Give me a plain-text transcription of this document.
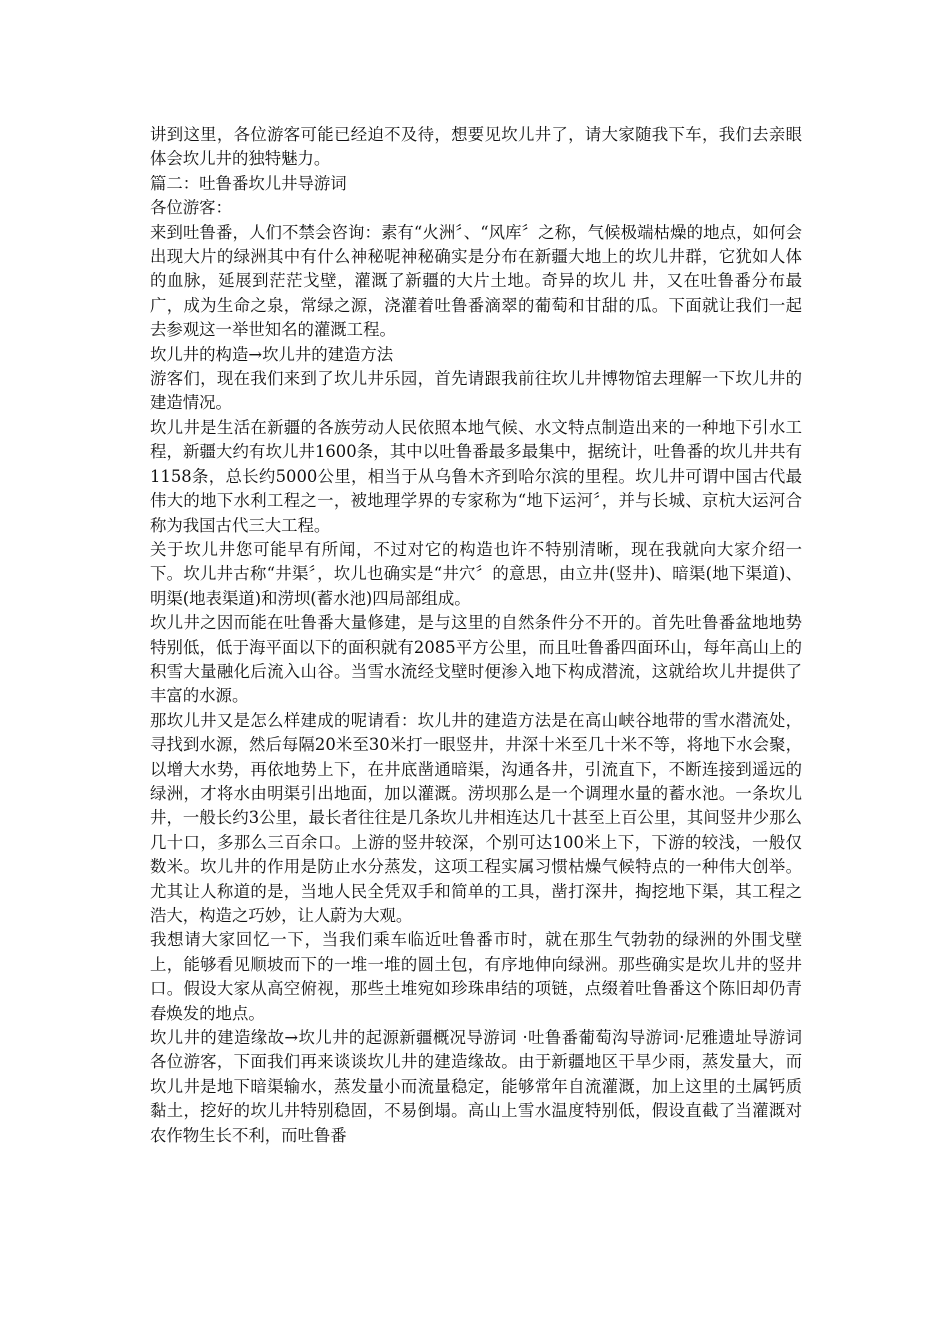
讲到这里，各位游客可能已经迫不及待，想要见坎儿井了，请大家随我下车，我们去亲眼体会坎儿井的独特魅力。

篇二：吐鲁番坎儿井导游词

各位游客：

来到吐鲁番，人们不禁会咨询：素有“火洲〞、“风库〞之称，气候极端枯燥的地点，如何会出现大片的绿洲其中有什么神秘呢神秘确实是分布在新疆大地上的坎儿井群，它犹如人体的血脉，延展到茫茫戈壁，灌溉了新疆的大片土地。奇异的坎儿 井，又在吐鲁番分布最广，成为生命之泉，常绿之源，浇灌着吐鲁番滴翠的葡萄和甘甜的瓜。下面就让我们一起去参观这一举世知名的灌溉工程。

坎儿井的构造→坎儿井的建造方法

游客们，现在我们来到了坎儿井乐园，首先请跟我前往坎儿井博物馆去理解一下坎儿井的建造情况。

坎儿井是生活在新疆的各族劳动人民依照本地气候、水文特点制造出来的一种地下引水工程，新疆大约有坎儿井1600条，其中以吐鲁番最多最集中，据统计，吐鲁番的坎儿井共有1158条，总长约5000公里，相当于从乌鲁木齐到哈尔滨的里程。坎儿井可谓中国古代最伟大的地下水利工程之一，被地理学界的专家称为“地下运河〞，并与长城、京杭大运河合称为我国古代三大工程。

关于坎儿井您可能早有所闻，不过对它的构造也许不特别清晰，现在我就向大家介绍一下。坎儿井古称“井渠〞，坎儿也确实是“井穴〞的意思，由立井(竖井)、暗渠(地下渠道)、明渠(地表渠道)和涝坝(蓄水池)四局部组成。

坎儿井之因而能在吐鲁番大量修建，是与这里的自然条件分不开的。首先吐鲁番盆地地势特别低，低于海平面以下的面积就有2085平方公里，而且吐鲁番四面环山，每年高山上的积雪大量融化后流入山谷。当雪水流经戈壁时便渗入地下构成潜流，这就给坎儿井提供了丰富的水源。

那坎儿井又是怎么样建成的呢请看：坎儿井的建造方法是在高山峡谷地带的雪水潜流处，寻找到水源，然后每隔20米至30米打一眼竖井，井深十米至几十米不等，将地下水会聚，以增大水势，再依地势上下，在井底凿通暗渠，沟通各井，引流直下，不断连接到遥远的绿洲，才将水由明渠引出地面，加以灌溉。涝坝那么是一个调理水量的蓄水池。一条坎儿井，一般长约3公里，最长者往往是几条坎儿井相连达几十甚至上百公里，其间竖井少那么几十口，多那么三百余口。上游的竖井较深，个别可达100米上下，下游的较浅，一般仅数米。坎儿井的作用是防止水分蒸发，这项工程实属习惯枯燥气候特点的一种伟大创举。尤其让人称道的是，当地人民全凭双手和简单的工具，凿打深井，掏挖地下渠，其工程之浩大，构造之巧妙，让人蔚为大观。

我想请大家回忆一下，当我们乘车临近吐鲁番市时，就在那生气勃勃的绿洲的外围戈壁上，能够看见顺坡而下的一堆一堆的圆土包，有序地伸向绿洲。那些确实是坎儿井的竖井口。假设大家从高空俯视，那些土堆宛如珍珠串结的项链，点缀着吐鲁番这个陈旧却仍青春焕发的地点。

坎儿井的建造缘故→坎儿井的起源新疆概况导游词 ·吐鲁番葡萄沟导游词·尼雅遗址导游词 各位游客，下面我们再来谈谈坎儿井的建造缘故。由于新疆地区干旱少雨，蒸发量大，而坎儿井是地下暗渠输水，蒸发量小而流量稳定，能够常年自流灌溉，加上这里的土属钙质黏土，挖好的坎儿井特别稳固，不易倒塌。高山上雪水温度特别低，假设直截了当灌溉对农作物生长不利，而吐鲁番
